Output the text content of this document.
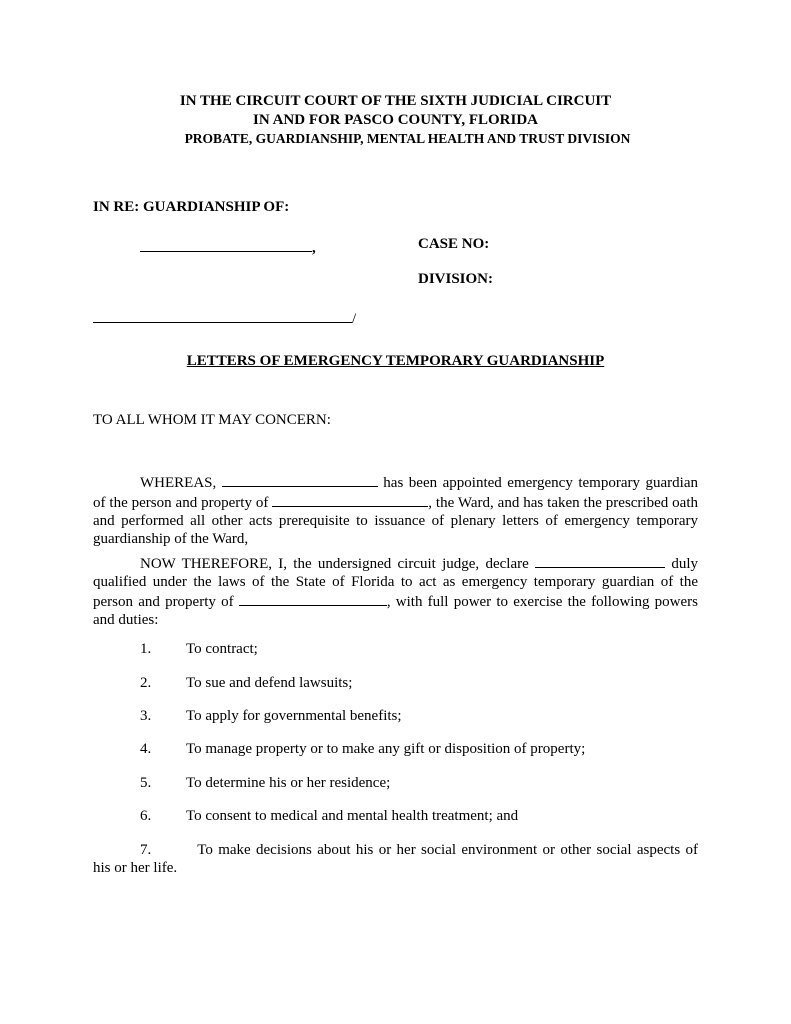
IN THE CIRCUIT COURT OF THE SIXTH JUDICIAL CIRCUIT
IN AND FOR PASCO COUNTY, FLORIDA
PROBATE, GUARDIANSHIP, MENTAL HEALTH AND TRUST DIVISION
IN RE: GUARDIANSHIP OF:
,	CASE NO:
DIVISION:
/
LETTERS OF EMERGENCY TEMPORARY GUARDIANSHIP
TO ALL WHOM IT MAY CONCERN:
WHEREAS,	has been appointed emergency temporary guardian of the person and property of	, the Ward, and has taken the prescribed oath and performed all other acts prerequisite to issuance of plenary letters of emergency temporary guardianship of the Ward,
NOW THEREFORE, I, the undersigned circuit judge, declare	duly qualified under the laws of the State of Florida to act as emergency temporary guardian of the person and property of	, with full power to exercise the following powers and duties:
1. To contract;
2. To sue and defend lawsuits;
3. To apply for governmental benefits;
4. To manage property or to make any gift or disposition of property;
5. To determine his or her residence;
6. To consent to medical and mental health treatment; and
7.	To make decisions about his or her social environment or other social aspects of his or her life.
